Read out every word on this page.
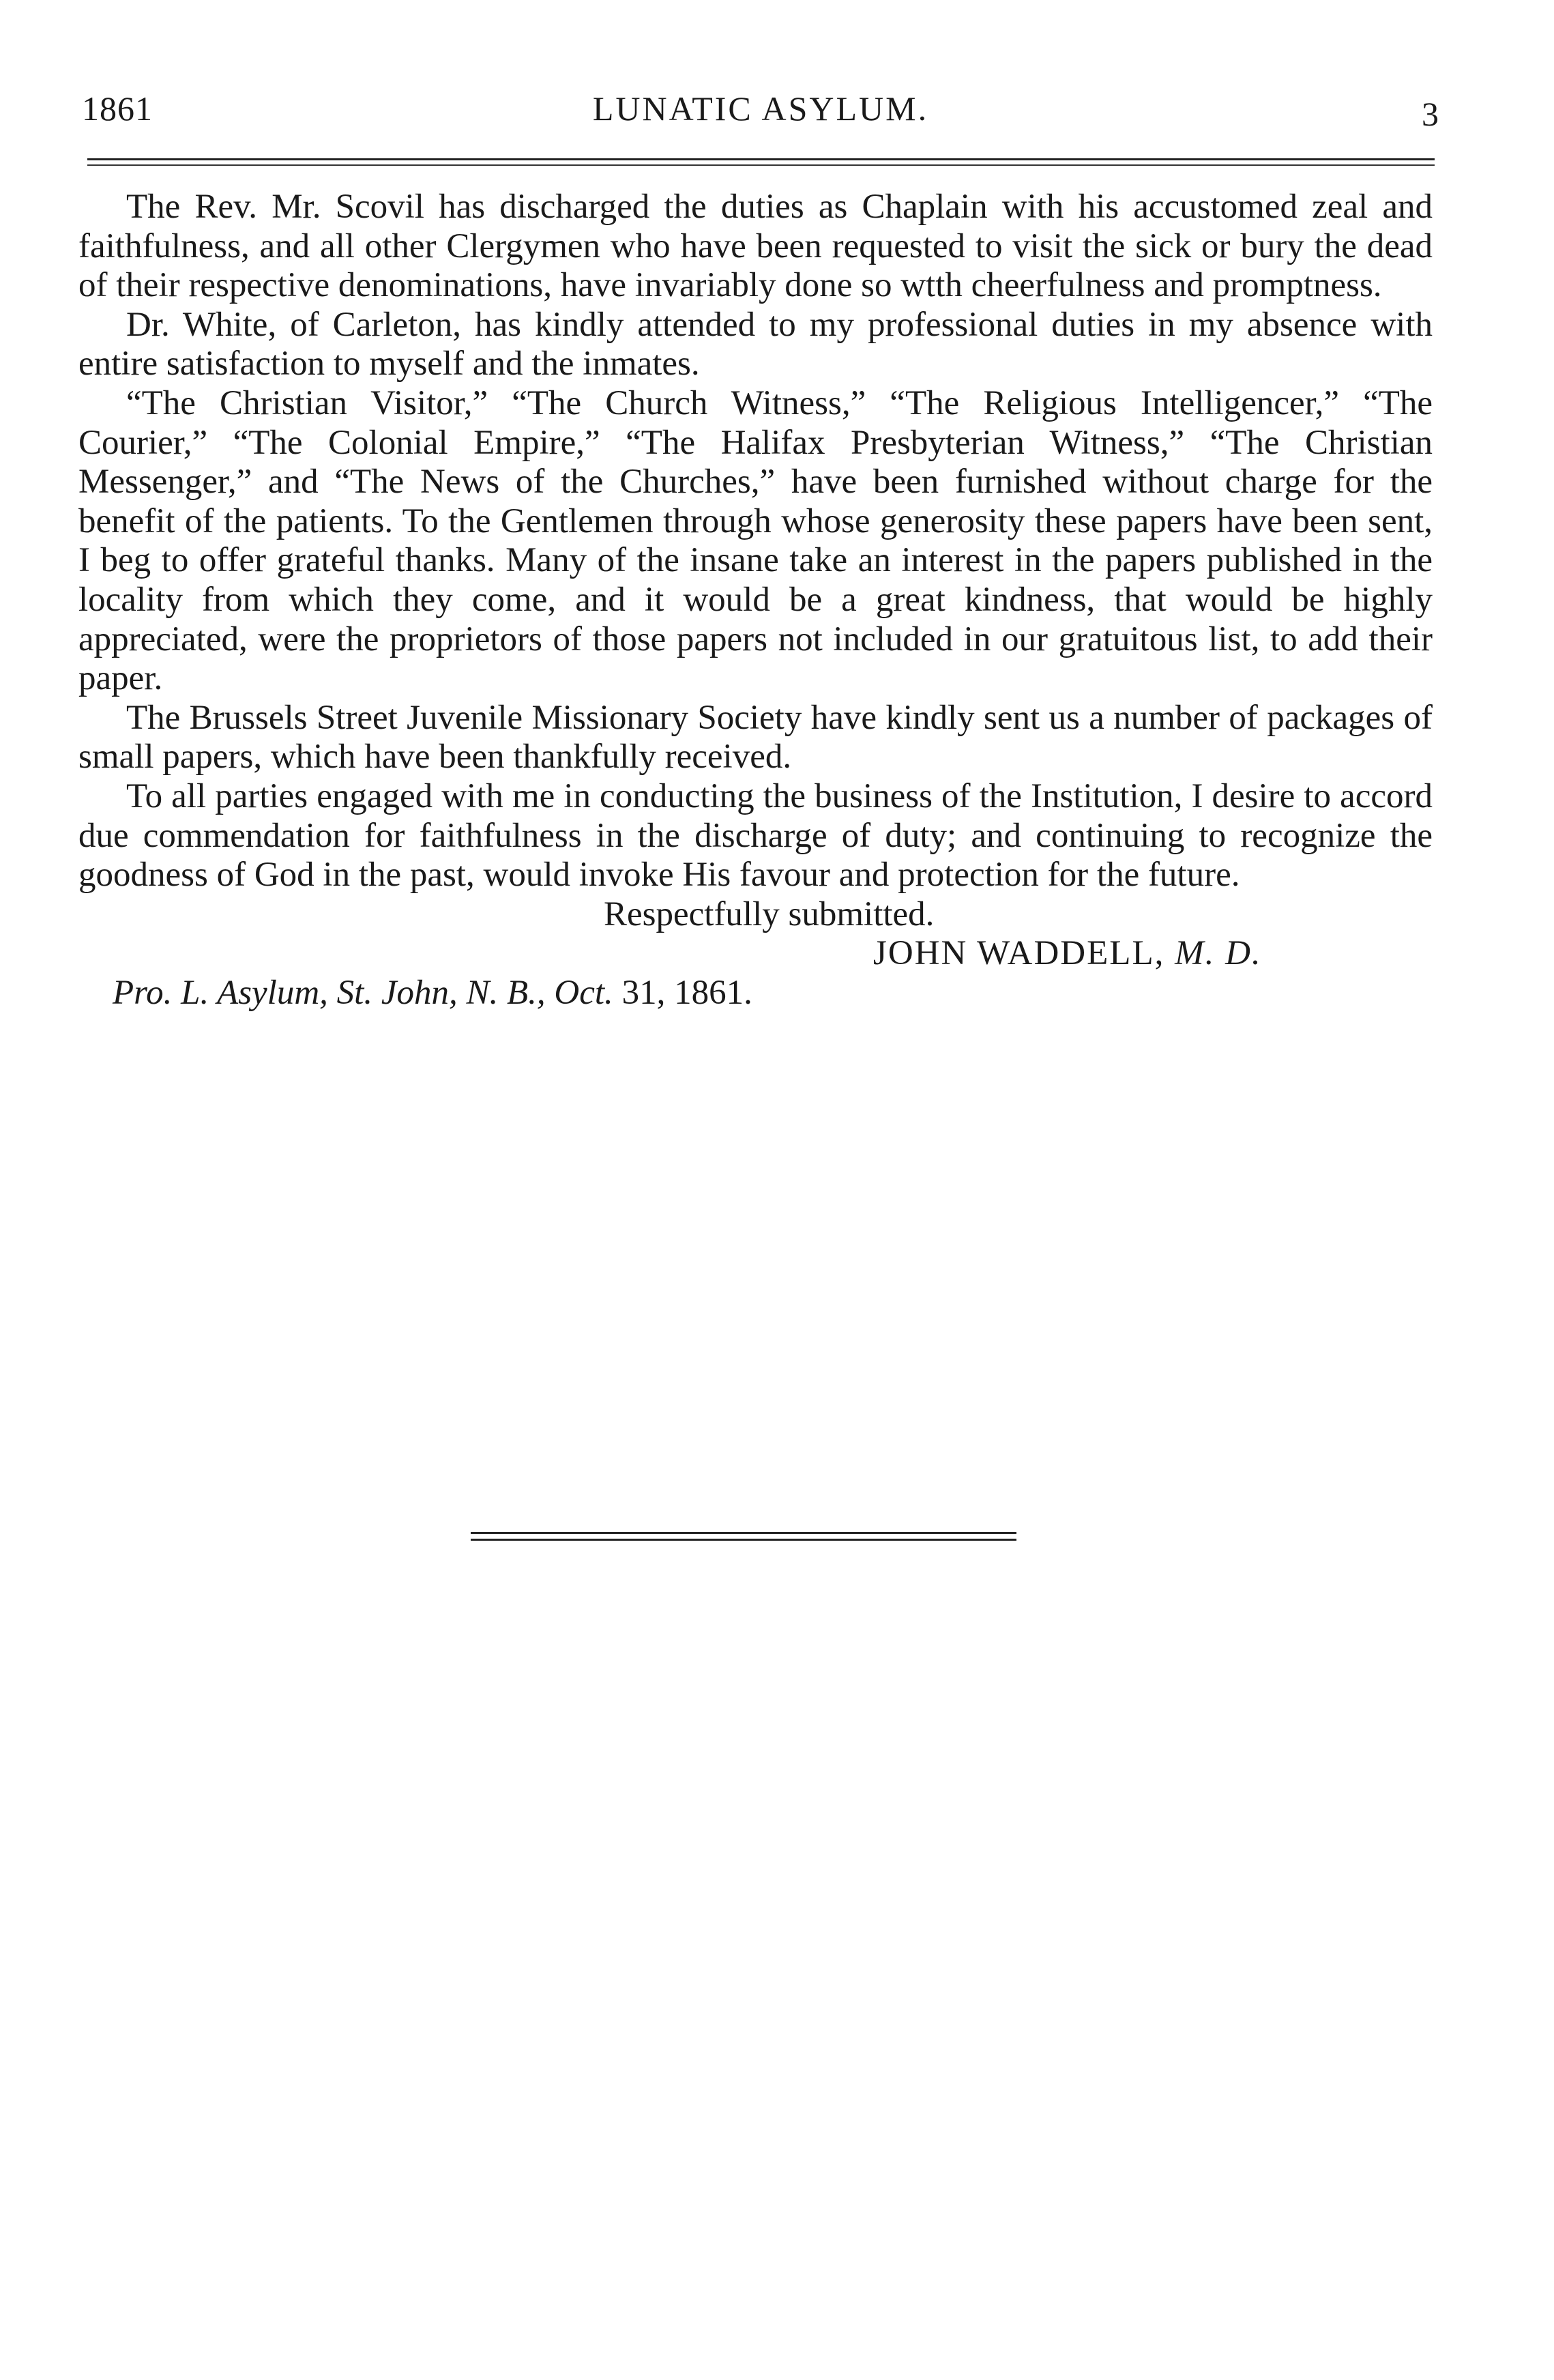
1861	LUNATIC ASYLUM.	3

The Rev. Mr. Scovil has discharged the duties as Chaplain with his accustomed zeal and faithfulness, and all other Clergymen who have been requested to visit the sick or bury the dead of their respective denominations, have invariably done so wtth cheerfulness and promptness.

Dr. White, of Carleton, has kindly attended to my professional duties in my absence with entire satisfaction to myself and the inmates.

“The Christian Visitor,” “The Church Witness,” “The Religious Intelligencer,” “The Courier,” “The Colonial Empire,” “The Halifax Presbyterian Witness,” “The Christian Messenger,” and “The News of the Churches,” have been furnished without charge for the benefit of the patients. To the Gentlemen through whose generosity these papers have been sent, I beg to offer grateful thanks. Many of the insane take an interest in the papers published in the locality from which they come, and it would be a great kindness, that would be highly appreciated, were the proprietors of those papers not included in our gratuitous list, to add their paper.

The Brussels Street Juvenile Missionary Society have kindly sent us a number of packages of small papers, which have been thankfully received.

To all parties engaged with me in conducting the business of the Institution, I desire to accord due commendation for faithfulness in the discharge of duty; and continuing to recognize the goodness of God in the past, would invoke His favour and protection for the future.

Respectfully submitted.
JOHN WADDELL, M. D.
Pro. L. Asylum, St. John, N. B., Oct. 31, 1861.
